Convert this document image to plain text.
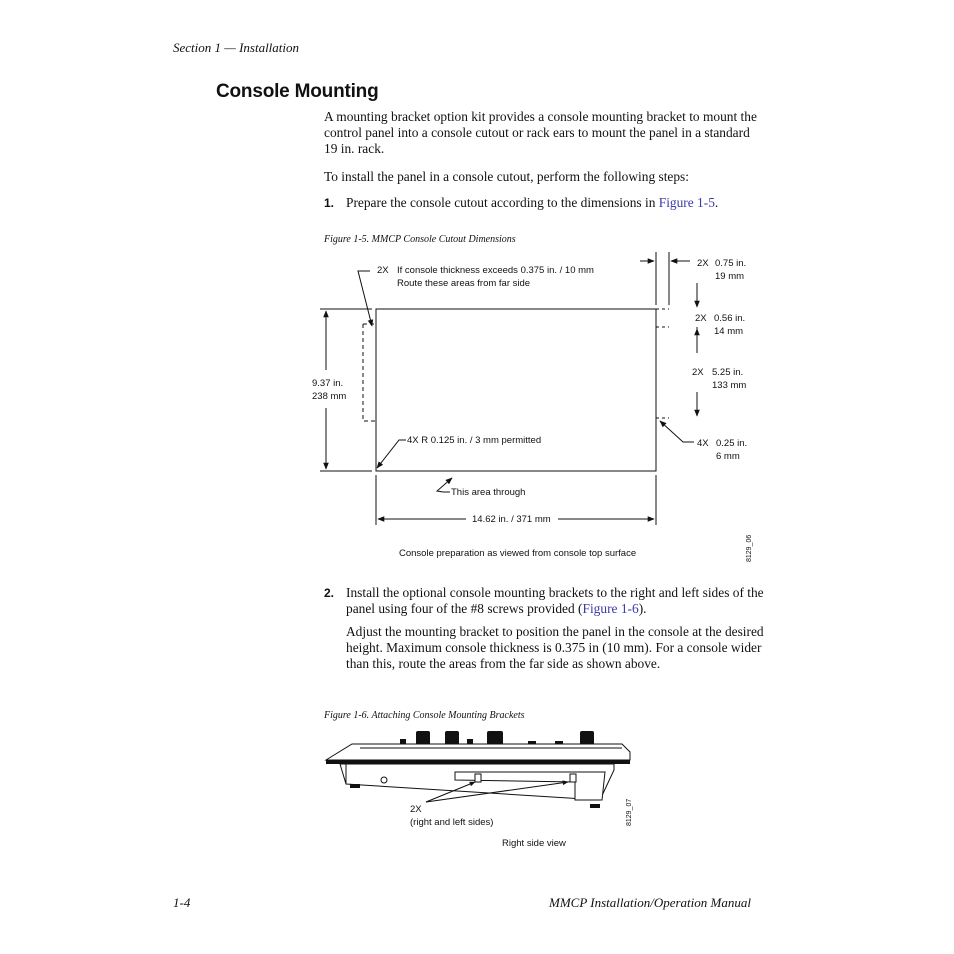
Section 1 — Installation
Console Mounting
A mounting bracket option kit provides a console mounting bracket to mount the control panel into a console cutout or rack ears to mount the panel in a standard 19 in. rack.
To install the panel in a console cutout, perform the following steps:
1. Prepare the console cutout according to the dimensions in Figure 1-5.
Figure 1-5. MMCP Console Cutout Dimensions
2X If console thickness exceeds 0.375 in. / 10 mm
Route these areas from far side
2X 0.75 in.
19 mm
2X 0.56 in.
14 mm
2X 5.25 in.
133 mm
4X 0.25 in.
6 mm
9.37 in.
238 mm
4X R 0.125 in. / 3 mm permitted
This area through
14.62 in. / 371 mm
Console preparation as viewed from console top surface	8129_06
2. Install the optional console mounting brackets to the right and left sides of the panel using four of the #8 screws provided (Figure 1-6).
Adjust the mounting bracket to position the panel in the console at the desired height. Maximum console thickness is 0.375 in (10 mm). For a console wider than this, route the areas from the far side as shown above.
Figure 1-6. Attaching Console Mounting Brackets
2X
(right and left sides)
Right side view
8129_07
1-4	MMCP Installation/Operation Manual
